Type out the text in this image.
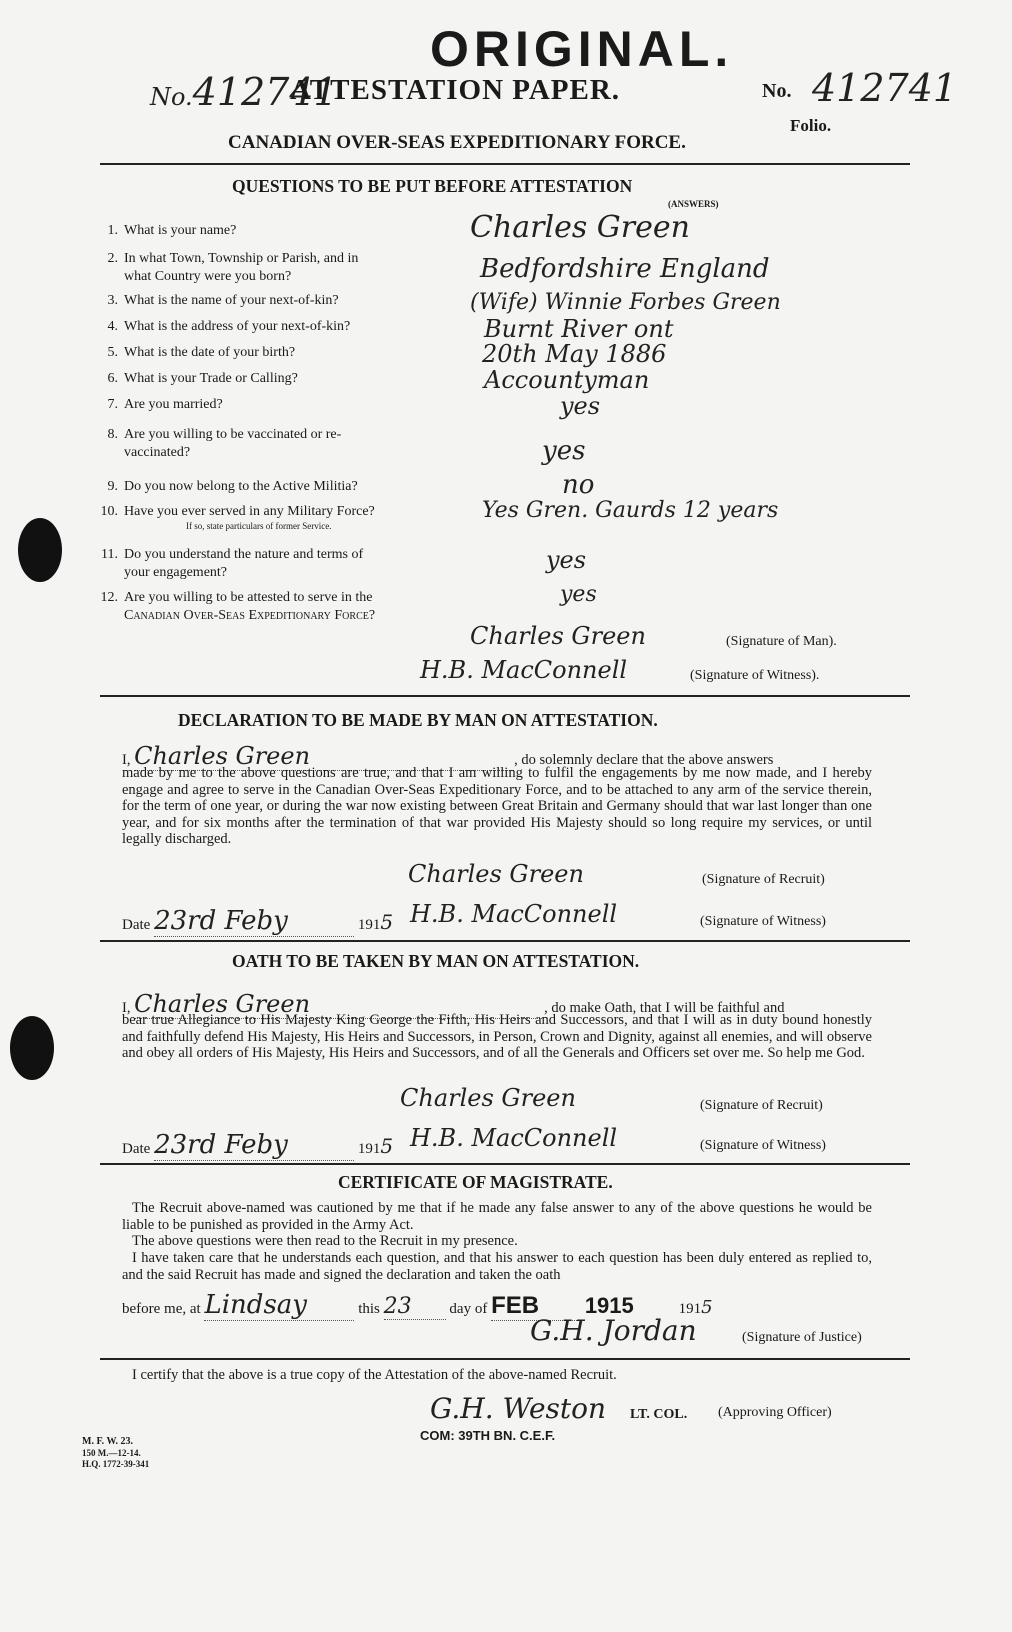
ORIGINAL.
No.412741
ATTESTATION PAPER.	No. 412741
CANADIAN OVER-SEAS EXPEDITIONARY FORCE.
Folio.
QUESTIONS TO BE PUT BEFORE ATTESTATION
(ANSWERS)
1. What is your name?	Charles Green
2. In what Town, Township or Parish, and in
what Country were you born?	Bedfordshire England
3. What is the name of your next-of-kin?	(Wife) Winnie Forbes Green
4. What is the address of your next-of-kin?	Burnt River ont
5. What is the date of your birth?	20th May 1886
6. What is your Trade or Calling?	Accountyman
7. Are you married?	yes
8. Are you willing to be vaccinated or re-
vaccinated?	yes
9. Do you now belong to the Active Militia?	no
10. Have you ever served in any Military Force?
If so, state particulars of former Service.
Yes Gren. Gaurds 12 years
11. Do you understand the nature and terms of
your engagement?	yes
12. Are you willing to be attested to serve in the
Canadian Over-Seas Expeditionary Force?
yes
Charles Green	(Signature of Man).
H.B. MacConnell	(Signature of Witness).
DECLARATION TO BE MADE BY MAN ON ATTESTATION.
I, Charles Green	, do solemnly declare that the above answers
made by me to the above questions are true, and that I am willing to fulfil the engagements by me now made, and I hereby engage and agree to serve in the Canadian Over-Seas Expeditionary Force, and to be attached to any arm of the service therein, for the term of one year, or during the war now existing between Great Britain and Germany should that war last longer than one year, and for six months after the termination of that war provided His Majesty should so long require my services, or until legally discharged.
Charles Green	(Signature of Recruit)
Date 23rd Feby	1915 H.B. MacConnell	(Signature of Witness)
OATH TO BE TAKEN BY MAN ON ATTESTATION.
I, Charles Green	, do make Oath, that I will be faithful and
bear true Allegiance to His Majesty King George the Fifth, His Heirs and Successors, and that I will as in duty bound honestly and faithfully defend His Majesty, His Heirs and Successors, in Person, Crown and Dignity, against all enemies, and will observe and obey all orders of His Majesty, His Heirs and Successors, and of all the Generals and Officers set over me. So help me God.
Charles Green	(Signature of Recruit)
Date 23rd Feby	1915 H.B. MacConnell	(Signature of Witness)
CERTIFICATE OF MAGISTRATE.
The Recruit above-named was cautioned by me that if he made any false answer to any of the above questions he would be liable to be punished as provided in the Army Act.
The above questions were then read to the Recruit in my presence.
I have taken care that he understands each question, and that his answer to each question has been duly entered as replied to, and the said Recruit has made and signed the declaration and taken the oath
before me, at Lindsay	this 23	day of FEB 1915	1915
G.H. Jordan	(Signature of Justice)
I certify that the above is a true copy of the Attestation of the above-named Recruit.
G.H. Weston LT. COL. (Approving Officer)
COM: 39TH BN. C.E.F.
M. F. W. 23.
150 M.—12-14.
H.Q. 1772-39-341
